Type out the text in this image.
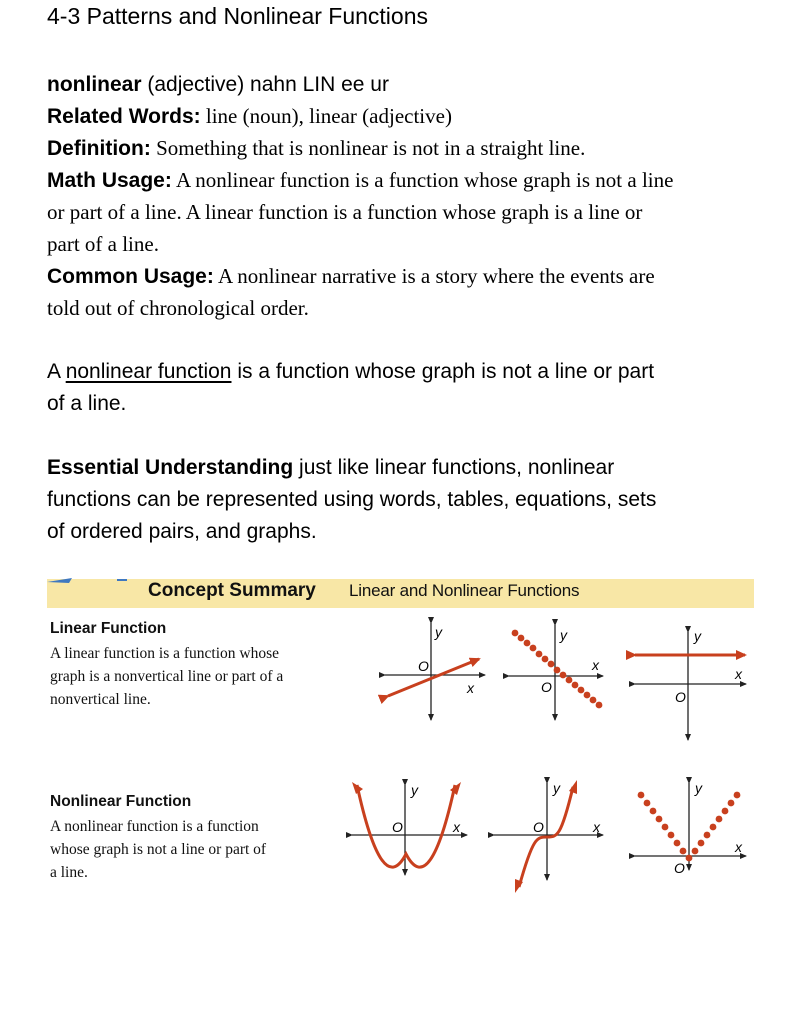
4-3 Patterns and Nonlinear Functions
nonlinear (adjective) nahn LIN ee ur
Related Words: line (noun), linear (adjective)
Definition: Something that is nonlinear is not in a straight line.
Math Usage: A nonlinear function is a function whose graph is not a line
or part of a line. A linear function is a function whose graph is a line or
part of a line.
Common Usage: A nonlinear narrative is a story where the events are
told out of chronological order.
A nonlinear function is a function whose graph is not a line or part
of a line.
Essential Understanding just like linear functions, nonlinear
functions can be represented using words, tables, equations, sets
of ordered pairs, and graphs.
Concept Summary Linear and Nonlinear Functions
Linear Function
A linear function is a function whose
graph is a nonvertical line or part of a
nonvertical line.
Nonlinear Function
A nonlinear function is a function
whose graph is not a line or part of
a line.
y
x
O
y
x
O
y
x
O
y
x
O
y
x
O
y
x
O
